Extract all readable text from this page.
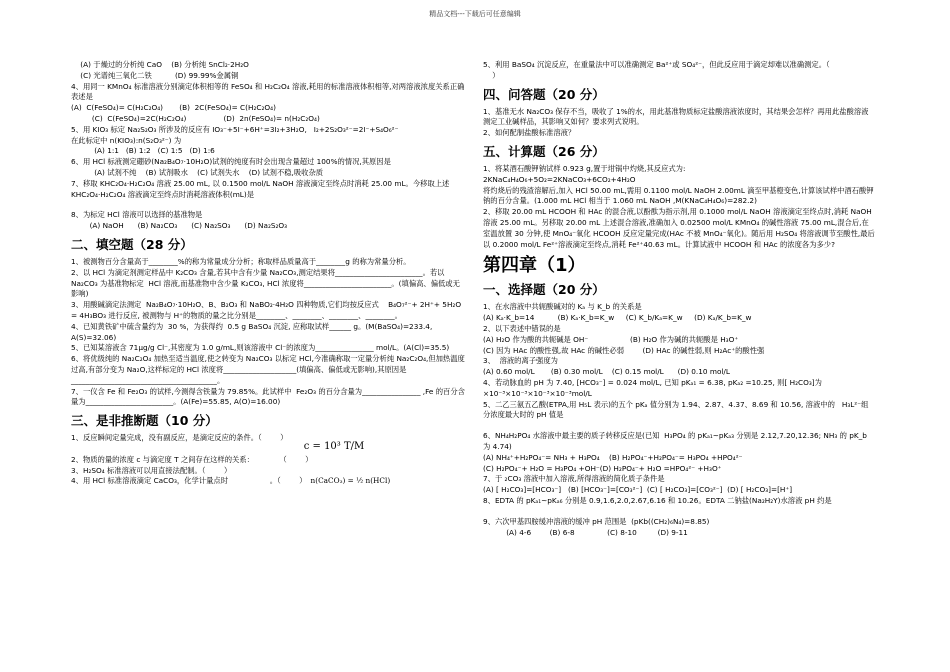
精品文档---下载后可任意编辑

(A) 于燥过的分析纯 CaO    (B) 分析纯 SnCl₂·2H₂O

(C) 光谱纯三氧化二铁          (D) 99.99%金属铜

4、用同一 KMnO₄ 标准溶液分别滴定体积相等的 FeSO₄ 和 H₂C₂O₄ 溶液,耗用的标准溶液体积相等,对两溶液浓度关系正确表述是

(A)  C(FeSO₄)= C(H₂C₂O₄)       (B)  2C(FeSO₄)= C(H₂C₂O₄)

(C)  C(FeSO₄)=2C(H₂C₂O₄)                (D)  2n(FeSO₄)= n(H₂C₂O₄)

5、用 KIO₃ 标定 Na₂S₂O₃ 所涉及的反应有 IO₃⁻+5I⁻+6H⁺=3I₂+3H₂O,   I₂+2S₂O₃²⁻=2I⁻+S₄O₆²⁻

在此标定中 n(KIO₃):n(S₂O₃²⁻) 为

(A) 1:1   (B) 1:2   (C) 1:5   (D) 1:6

6、用 HCl 标液测定硼砂(Na₂B₄O₇·10H₂O)试剂的纯度有时会出现含量超过 100%的情况,其原因是

(A) 试剂不纯    (B) 试剂吸水    (C) 试剂失水    (D) 试剂不稳,吸收杂质

7、移取 KHC₂O₄·H₂C₂O₄ 溶液 25.00 mL, 以 0.1500 mol/L NaOH 溶液滴定至终点时消耗 25.00 mL。今移取上述 KHC₂O₄·H₂C₂O₄ 溶液滴定至终点时消耗溶液体积(mL)是

8、为标定 HCl 溶液可以选择的基准物是

(A) NaOH      (B) Na₂CO₃      (C) Na₂SO₃      (D) Na₂S₂O₃

二、填空题（28 分）

1、被测物百分含量高于________%的称为常量成分分析；称取样品质量高于________g 的称为常量分析。

2、以 HCl 为滴定剂测定样品中 K₂CO₃ 含量,若其中含有少量 Na₂CO₃,测定结果将________________________。若以 Na₂CO₃ 为基准物标定  HCl 溶液,而基准物中含少量 K₂CO₃, HCl 浓度将________________________。(填偏高、偏低或无影响)

3、用酸碱滴定法测定  Na₂B₄O₇·10H₂O、B、B₂O₃ 和 NaBO₂·4H₂O 四种物质,它们均按反应式    B₄O₇²⁻+ 2H⁺+ 5H₂O = 4H₃BO₃ 进行反应, 被测物与 H⁺的物质的量之比分别是________、________、________、________。

4、已知黄铁矿中硫含量约为  30 %，为获得约  0.5 g BaSO₄ 沉淀, 应称取试样______ g。(M(BaSO₄)=233.4, A(S)=32.06)

5、已知某溶液含 71μg/g Cl⁻,其密度为 1.0 g/mL,则该溶液中 Cl⁻的浓度为________________ mol/L。(A(Cl)=35.5)

6、将优级纯的 Na₂C₂O₄ 加热至适当温度,使之转变为 Na₂CO₃ 以标定 HCl,今准确称取一定量分析纯 Na₂C₂O₄,但加热温度过高,有部分变为 Na₂O,这样标定的 HCl 浓度将____________________(填偏高、偏低或无影响),其原因是________________________________________。

7、一仪含 Fe 和 Fe₂O₃ 的试样,今测得含铁量为 79.85%。此试样中  Fe₂O₃ 的百分含量为________________ ,Fe 的百分含量为________________________。(A(Fe)=55.85, A(O)=16.00)

三、是非推断题（10 分）

1、反应瞬间定量完成，没有副反应，是滴定反应的条件。（        ）

c = 10³ T/M

2、物质的量的浓度 c 与滴定度 T 之间存在这样的关系：           （        ）

3、H₂SO₄ 标准溶液可以用直接法配制。（        ）

4、用 HCl 标准溶液滴定 CaCO₃，化学计量点时                  。（        ） n(CaCO₃) = ½ n(HCl)

5、利用 BaSO₄ 沉淀反应，在重量法中可以准确测定 Ba²⁺或 SO₄²⁻，但此反应用于滴定却难以准确测定。（

）

四、问答题（20 分）

1、基准无水 Na₂CO₃ 保存不当，吸收了 1%的水，用此基准物质标定盐酸溶液浓度时，其结果会怎样？再用此盐酸溶液测定工业碱样品，其影响又如何？要求列式说明。

2、如何配制盐酸标准溶液？

五、计算题（26 分）

1、将某酒石酸钾钠试样 0.923 g,置于坩锅中灼烧,其反应式为:

2KNaC₄H₄O₆+5O₂=2KNaCO₃+6CO₂+4H₂O

将灼烧后的残渣溶解后,加入 HCl 50.00 mL,需用 0.1100 mol/L NaOH 2.00mL 滴至甲基橙变色,计算该试样中酒石酸钾钠的百分含量。(1.000 mL HCl 相当于 1.060 mL NaOH ,M(KNaC₄H₄O₆)=282.2)

2、移取 20.00 mL HCOOH 和 HAc 的混合液,以酚酞为指示剂,用 0.1000 mol/L NaOH 溶液滴定至终点时,消耗 NaOH 溶液 25.00 mL。另移取 20.00 mL 上述混合溶液,准确加入 0.02500 mol/L KMnO₄ 的碱性溶液 75.00 mL,混合后,在室温放置 30 分钟,使 MnO₄⁻氧化 HCOOH 反应定量完成(HAc 不被 MnO₄⁻氧化)。随后用 H₂SO₄ 将溶液调节至酸性,最后以 0.2000 mol/L Fe²⁺溶液滴定至终点,消耗 Fe²⁺40.63 mL。计算试液中 HCOOH 和 HAc 的浓度各为多少?

第四章（1）
一、选择题（20 分）

1、在水溶液中共轭酸碱对的 Kₐ 与 K_b 的关系是

(A) Kₐ·K_b=14          (B) Kₐ·K_b=K_w     (C) K_b/Kₐ=K_w     (D) Kₐ/K_b=K_w

2、以下表述中错误的是

(A) H₂O 作为酸的共轭碱是 OH⁻                  (B) H₂O 作为碱的共轭酸是 H₃O⁺

(C) 因为 HAc 的酸性强,故 HAc 的碱性必弱        (D) HAc 的碱性弱,则 H₂Ac⁺的酸性强

3、  溶液的离子强度为

(A) 0.60 mol/L       (B) 0.30 mol/L    (C) 0.15 mol/L      (D) 0.10 mol/L

4、若动脉血的 pH 为 7.40, [HCO₃⁻] = 0.024 mol/L, 已知 pKₐ₁ = 6.38, pKₐ₂ =10.25, 则[ H₂CO₃]为

×10⁻³×10⁻³×10⁻³×10⁻³mol/L

5、二乙三氨五乙酸(ETPA,用 H₅L 表示)的五个 pKₐ 值分别为 1.94、2.87、4.37、8.69 和 10.56, 溶液中的   H₃L²⁻组分浓度最大时的 pH 值是

6、NH₄H₂PO₄ 水溶液中最主要的质子转移反应是(已知  H₃PO₄ 的 pKₐ₁~pKₐ₃ 分别是 2.12,7.20,12.36; NH₃ 的 pK_b 为 4.74)

(A) NH₄⁺+H₂PO₄⁻= NH₃ + H₃PO₄    (B) H₂PO₄⁻+H₂PO₄⁻= H₃PO₄ +HPO₄²⁻

(C) H₂PO₄⁻+ H₂O = H₃PO₄ +OH⁻(D) H₂PO₄⁻+ H₂O =HPO₄²⁻ +H₃O⁺

7、于 ₂CO₃ 溶液中加入溶液,所得溶液的简化质子条件是

(A) [ H₂CO₃]=[HCO₃⁻]   (B) [HCO₃⁻]=[CO₃²⁻]  (C) [ H₂CO₃]=[CO₃²⁻]  (D) [ H₂CO₃]=[H⁺]

8、EDTA 的 pKₐ₁~pKₐ₆ 分别是 0.9,1.6,2.0,2.67,6.16 和 10.26。EDTA 二钠盐(Na₂H₂Y)水溶液 pH 约是

9、六次甲基四胺缓冲溶液的缓冲 pH 范围是  (pKb((CH₂)₆N₄)=8.85)

(A) 4-6        (B) 6-8              (C) 8-10         (D) 9-11
